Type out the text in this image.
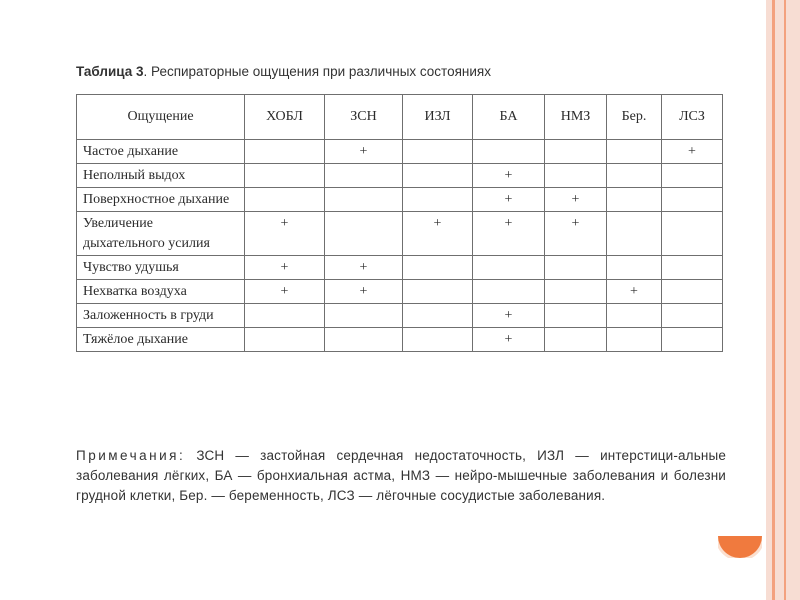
Таблица 3. Респираторные ощущения при различных состояниях
Ощущение	ХОБЛ	ЗСН	ИЗЛ	БА	НМЗ	Бер.	ЛСЗ
Частое дыхание		+					+
Неполный выдох				+			
Поверхностное дыхание				+	+		
Увеличение дыхательного усилия	+		+	+	+		
Чувство удушья	+	+					
Нехватка воздуха	+	+				+	
Заложенность в груди				+			
Тяжёлое дыхание				+			
Примечания: ЗСН — застойная сердечная недостаточность, ИЗЛ — интерстици-альные заболевания лёгких, БА — бронхиальная астма, НМЗ — нейро-мышечные заболевания и болезни грудной клетки, Бер. — беременность, ЛСЗ — лёгочные сосудистые заболевания.
